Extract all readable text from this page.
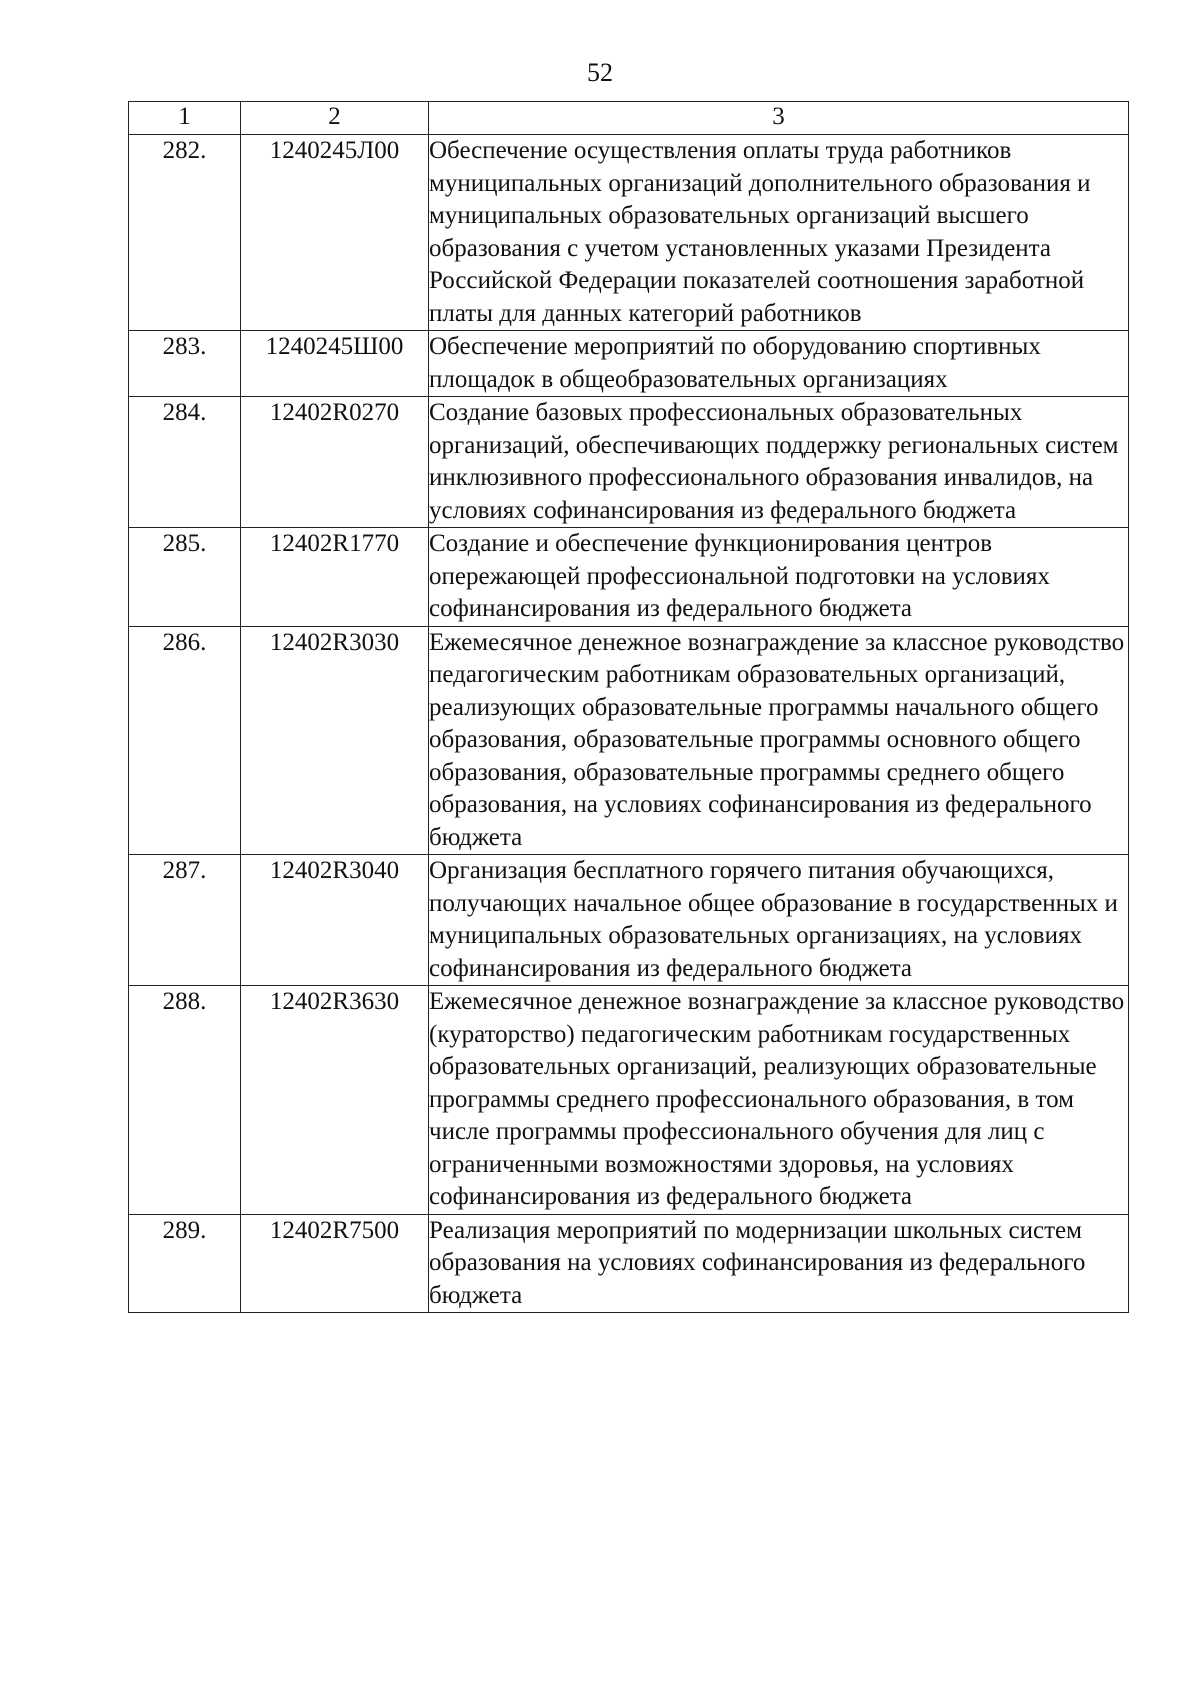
52
1	2	3
282.	1240245Л00	Обеспечение осуществления оплаты труда работников муниципальных организаций дополнительного образования и муниципальных образовательных организаций высшего образования с учетом установленных указами Президента Российской Федерации показателей соотношения заработной платы для данных категорий работников
283.	1240245Ш00	Обеспечение мероприятий по оборудованию спортивных площадок в общеобразовательных организациях
284.	12402R0270	Создание базовых профессиональных образовательных организаций, обеспечивающих поддержку региональных систем инклюзивного профессионального образования инвалидов, на условиях софинансирования из федерального бюджета
285.	12402R1770	Создание и обеспечение функционирования центров опережающей профессиональной подготовки на условиях софинансирования из федерального бюджета
286.	12402R3030	Ежемесячное денежное вознаграждение за классное руководство педагогическим работникам образовательных организаций, реализующих образовательные программы начального общего образования, образовательные программы основного общего образования, образовательные программы среднего общего образования, на условиях софинансирования из федерального бюджета
287.	12402R3040	Организация бесплатного горячего питания обучающихся, получающих начальное общее образование в государственных и муниципальных образовательных организациях, на условиях софинансирования из федерального бюджета
288.	12402R3630	Ежемесячное денежное вознаграждение за классное руководство (кураторство) педагогическим работникам государственных образовательных организаций, реализующих образовательные программы среднего профессионального образования, в том числе программы профессионального обучения для лиц с ограниченными возможностями здоровья, на условиях софинансирования из федерального бюджета
289.	12402R7500	Реализация мероприятий по модернизации школьных систем образования на условиях софинансирования из федерального бюджета
